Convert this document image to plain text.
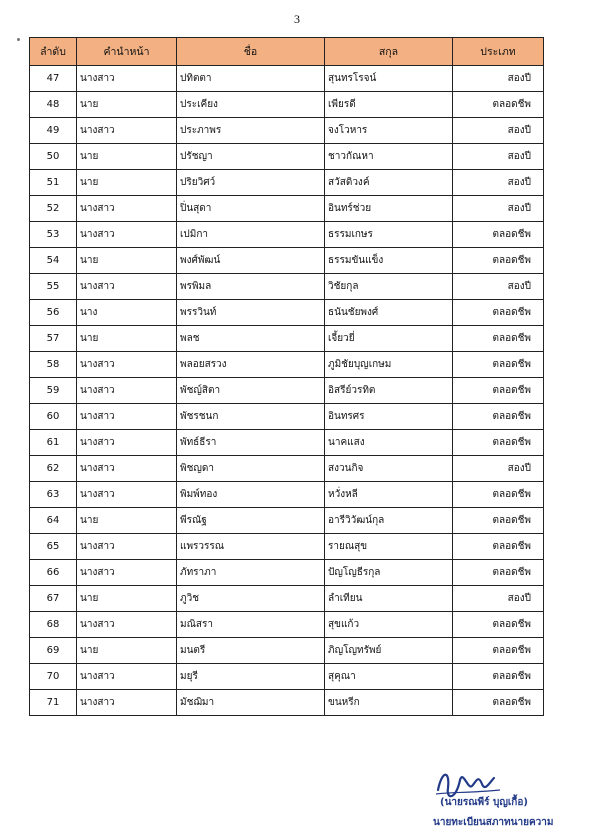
3
ลำดับ	คำนำหน้า	ชื่อ	สกุล	ประเภท
47	นางสาว	ปทิตตา	สุนทรโรจน์	สองปี
48	นาย	ประเคียง	เพียรดี	ตลอดชีพ
49	นางสาว	ประภาพร	จงโวหาร	สองปี
50	นาย	ปรัชญา	ชาวกัณหา	สองปี
51	นาย	ปริยวิศว์	สวัสดิวงค์	สองปี
52	นางสาว	ปิ่นสุดา	อินทร์ช่วย	สองปี
53	นางสาว	เปมิกา	ธรรมเกษร	ตลอดชีพ
54	นาย	พงศ์พัฒน์	ธรรมขันแข็ง	ตลอดชีพ
55	นางสาว	พรพิมล	วิชัยกุล	สองปี
56	นาง	พรรวินท์	ธนันชัยพงศ์	ตลอดชีพ
57	นาย	พลช	เจี้ยวยี่	ตลอดชีพ
58	นางสาว	พลอยสรวง	ภูมิชัยบุญเกษม	ตลอดชีพ
59	นางสาว	พัชญ์สิตา	อิสรีย์วรทิต	ตลอดชีพ
60	นางสาว	พัชรชนก	อินทรศร	ตลอดชีพ
61	นางสาว	พัทธ์ธีรา	นาคแสง	ตลอดชีพ
62	นางสาว	พิชญดา	สงวนกิจ	สองปี
63	นางสาว	พิมพ์ทอง	หวั่งหลี	ตลอดชีพ
64	นาย	พีรณัฐ	อารีวิวัฒน์กุล	ตลอดชีพ
65	นางสาว	แพรวรรณ	รายณสุข	ตลอดชีพ
66	นางสาว	ภัทราภา	ปัญโญธีรกุล	ตลอดชีพ
67	นาย	ภูวิช	ลำเทียน	สองปี
68	นางสาว	มณิสรา	สุขแก้ว	ตลอดชีพ
69	นาย	มนตรี	ภิญโญทรัพย์	ตลอดชีพ
70	นางสาว	มยุรี	สุคุณา	ตลอดชีพ
71	นางสาว	มัชฌิมา	ขนหรีก	ตลอดชีพ
(นายรณพีร์ บุญเกื้อ)
นายทะเบียนสภาทนายความ
